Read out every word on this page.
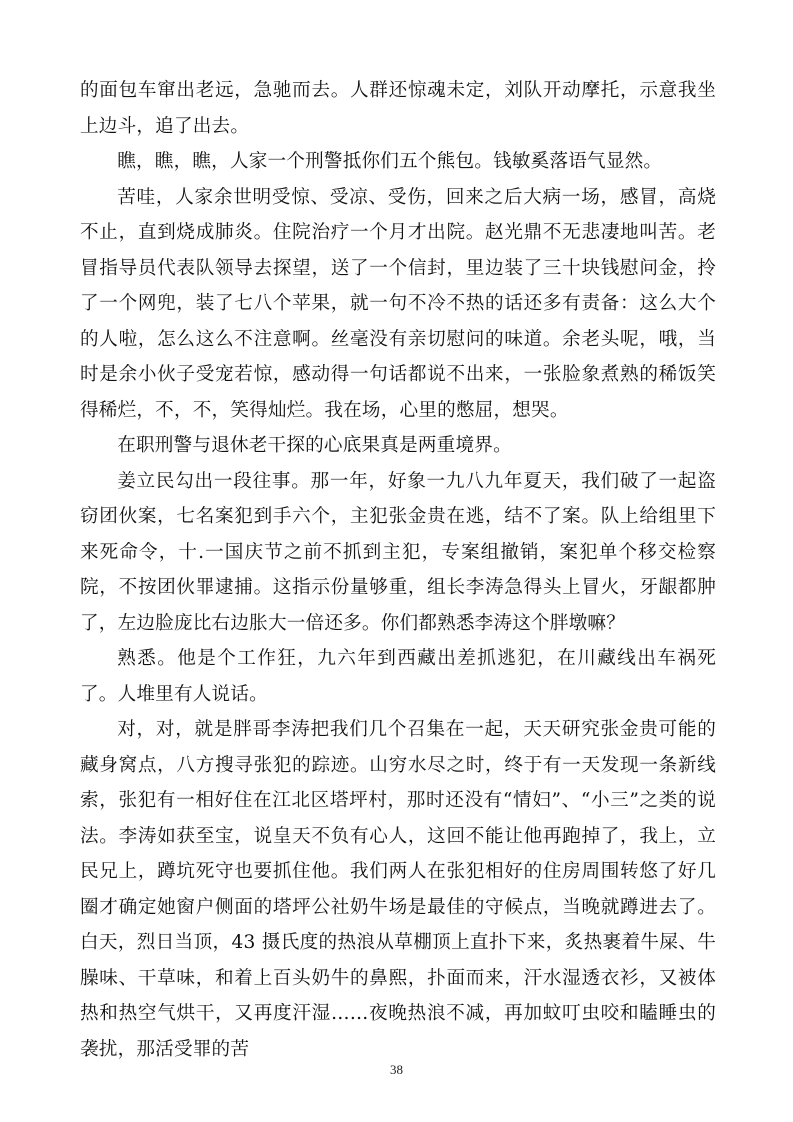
的面包车窜出老远，急驰而去。人群还惊魂未定，刘队开动摩托，示意我坐上边斗，追了出去。

瞧，瞧，瞧，人家一个刑警抵你们五个熊包。钱敏奚落语气显然。

苦哇，人家余世明受惊、受凉、受伤，回来之后大病一场，感冒，高烧不止，直到烧成肺炎。住院治疗一个月才出院。赵光鼎不无悲凄地叫苦。老冒指导员代表队领导去探望，送了一个信封，里边装了三十块钱慰问金，拎了一个网兜，装了七八个苹果，就一句不冷不热的话还多有责备：这么大个的人啦，怎么这么不注意啊。丝毫没有亲切慰问的味道。余老头呢，哦，当时是余小伙子受宠若惊，感动得一句话都说不出来，一张脸象煮熟的稀饭笑得稀烂，不，不，笑得灿烂。我在场，心里的憋屈，想哭。

在职刑警与退休老干探的心底果真是两重境界。

姜立民勾出一段往事。那一年，好象一九八九年夏天，我们破了一起盗窃团伙案，七名案犯到手六个，主犯张金贵在逃，结不了案。队上给组里下来死命令，十.一国庆节之前不抓到主犯，专案组撤销，案犯单个移交检察院，不按团伙罪逮捕。这指示份量够重，组长李涛急得头上冒火，牙龈都肿了，左边脸庞比右边胀大一倍还多。你们都熟悉李涛这个胖墩嘛？

熟悉。他是个工作狂，九六年到西藏出差抓逃犯，在川藏线出车祸死了。人堆里有人说话。

对，对，就是胖哥李涛把我们几个召集在一起，天天研究张金贵可能的藏身窝点，八方搜寻张犯的踪迹。山穷水尽之时，终于有一天发现一条新线索，张犯有一相好住在江北区塔坪村，那时还没有“情妇”、“小三”之类的说法。李涛如获至宝，说皇天不负有心人，这回不能让他再跑掉了，我上，立民兄上，蹲坑死守也要抓住他。我们两人在张犯相好的住房周围转悠了好几圈才确定她窗户侧面的塔坪公社奶牛场是最佳的守候点，当晚就蹲进去了。白天，烈日当顶，43 摄氏度的热浪从草棚顶上直扑下来，炙热裹着牛屎、牛臊味、干草味，和着上百头奶牛的鼻熙，扑面而来，汗水湿透衣衫，又被体热和热空气烘干，又再度汗湿……夜晚热浪不减，再加蚊叮虫咬和瞌睡虫的袭扰，那活受罪的苦

38
